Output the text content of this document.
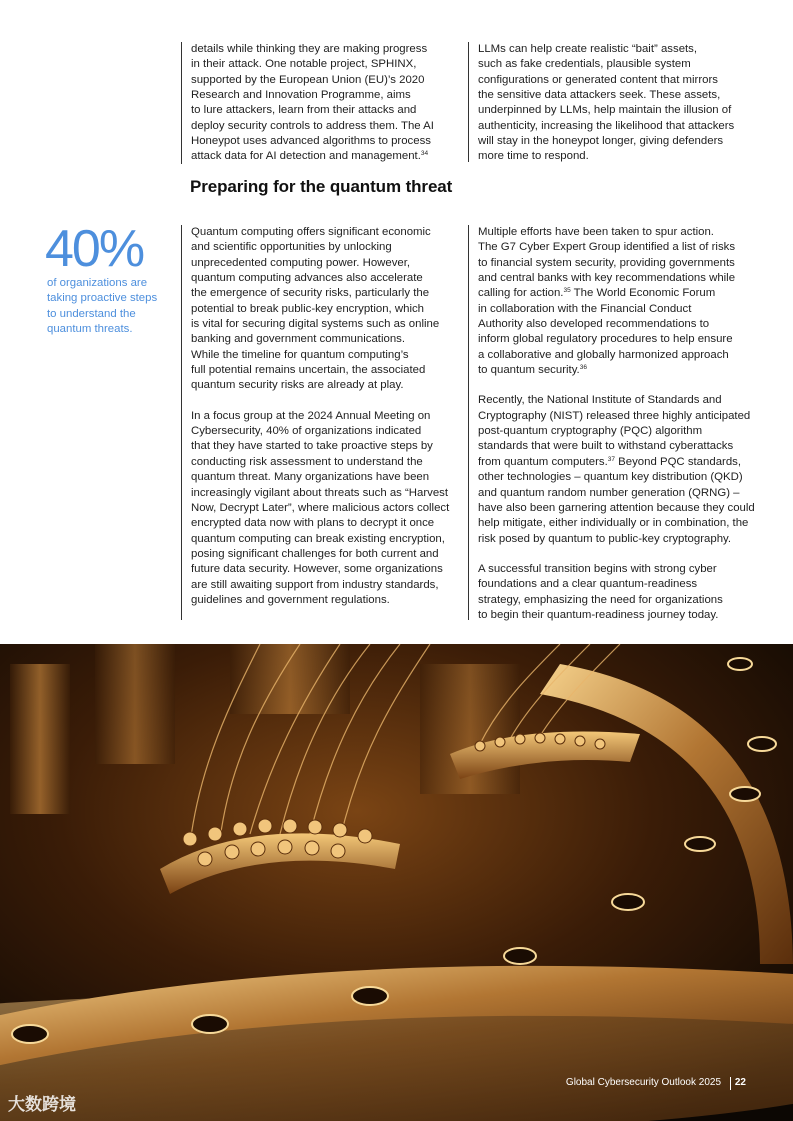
details while thinking they are making progress
in their attack. One notable project, SPHINX,
supported by the European Union (EU)’s 2020
Research and Innovation Programme, aims
to lure attackers, learn from their attacks and
deploy security controls to address them. The AI
Honeypot uses advanced algorithms to process
attack data for AI detection and management.$^{34}$

LLMs can help create realistic “bait” assets,
such as fake credentials, plausible system
configurations or generated content that mirrors
the sensitive data attackers seek. These assets,
underpinned by LLMs, help maintain the illusion of
authenticity, increasing the likelihood that attackers
will stay in the honeypot longer, giving defenders
more time to respond.

Preparing for the quantum threat
40%
of organizations are
taking proactive steps
to understand the
quantum threats.

Quantum computing offers significant economic
and scientific opportunities by unlocking
unprecedented computing power. However,
quantum computing advances also accelerate
the emergence of security risks, particularly the
potential to break public-key encryption, which
is vital for securing digital systems such as online
banking and government communications.
While the timeline for quantum computing’s
full potential remains uncertain, the associated
quantum security risks are already at play.

In a focus group at the 2024 Annual Meeting on
Cybersecurity, 40% of organizations indicated
that they have started to take proactive steps by
conducting risk assessment to understand the
quantum threat. Many organizations have been
increasingly vigilant about threats such as “Harvest
Now, Decrypt Later”, where malicious actors collect
encrypted data now with plans to decrypt it once
quantum computing can break existing encryption,
posing significant challenges for both current and
future data security. However, some organizations
are still awaiting support from industry standards,
guidelines and government regulations.

Multiple efforts have been taken to spur action.
The G7 Cyber Expert Group identified a list of risks
to financial system security, providing governments
and central banks with key recommendations while
calling for action.$^{35}$ The World Economic Forum
in collaboration with the Financial Conduct
Authority also developed recommendations to
inform global regulatory procedures to help ensure
a collaborative and globally harmonized approach
to quantum security.$^{36}$

Recently, the National Institute of Standards and
Cryptography (NIST) released three highly anticipated
post-quantum cryptography (PQC) algorithm
standards that were built to withstand cyberattacks
from quantum computers.$^{37}$ Beyond PQC standards,
other technologies – quantum key distribution (QKD)
and quantum random number generation (QRNG) –
have also been garnering attention because they could
help mitigate, either individually or in combination, the
risk posed by quantum to public-key cryptography.

A successful transition begins with strong cyber
foundations and a clear quantum-readiness
strategy, emphasizing the need for organizations
to begin their quantum-readiness journey today.

Global Cybersecurity Outlook 2025 22
大数跨境
